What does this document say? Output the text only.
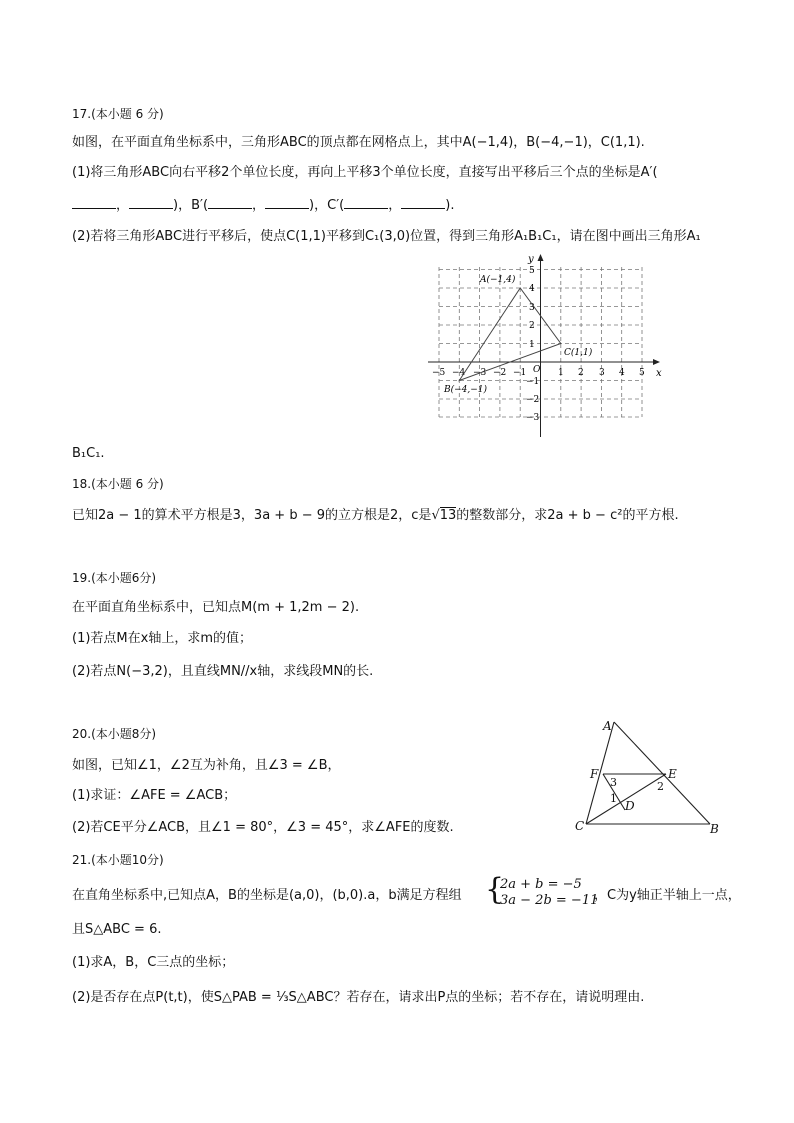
17.(本小题 6 分)
如图，在平面直角坐标系中，三角形ABC的顶点都在网格点上，其中A(−1,4)，B(−4,−1)，C(1,1).
(1)将三角形ABC向右平移2个单位长度，再向上平移3个单位长度，直接写出平移后三个点的坐标是A′(
，	)，B′(	，	)，C′(	，	).
(2)若将三角形ABC进行平移后，使点C(1,1)平移到C₁(3,0)位置，得到三角形A₁B₁C₁，请在图中画出三角形A₁
x
y
O
−5 −4 −3 −2 −1	1 2 3 4 5
5
4
3
2
1
−1
−2
−3
A(−1,4)
B(−4,−1)
C(1,1)
B₁C₁.
18.(本小题 6 分)
已知2a − 1的算术平方根是3，3a + b − 9的立方根是2，c是√13的整数部分，求2a + b − c²的平方根.
19.(本小题6分)
在平面直角坐标系中，已知点M(m + 1,2m − 2).
(1)若点M在x轴上，求m的值；
(2)若点N(−3,2)，且直线MN//x轴，求线段MN的长.
20.(本小题8分)
如图，已知∠1，∠2互为补角，且∠3 = ∠B，
(1)求证：∠AFE = ∠ACB；
(2)若CE平分∠ACB，且∠1 = 80°，∠3 = 45°，求∠AFE的度数.
A
B
C
D
E
F
1
2
3
21.(本小题10分)
在直角坐标系中,已知点A，B的坐标是(a,0)，(b,0).a，b满足方程组 {
2a + b = −5
3a − 2b = −11
，C为y轴正半轴上一点，
且S△ABC = 6.
(1)求A，B，C三点的坐标；
(2)是否存在点P(t,t)，使S△PAB = ⅓S△ABC？若存在，请求出P点的坐标；若不存在，请说明理由.
